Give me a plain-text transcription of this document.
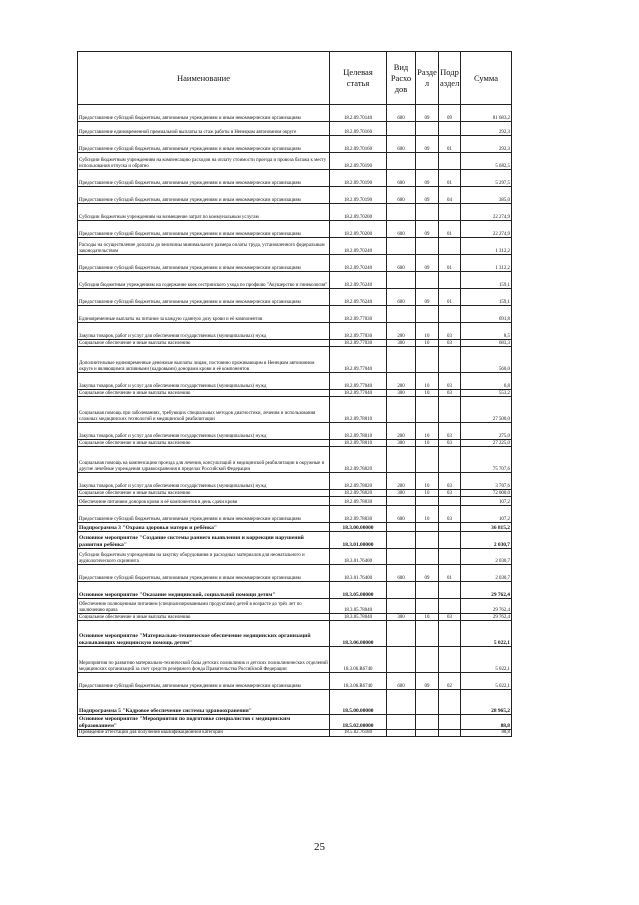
Наименование	Целевая статья	Вид Расхо дов	Разде л	Подр аздел	Сумма
Предоставление субсидий бюджетным, автономным учреждениям и иным некоммерческим организациям	18.2.09.70140	600	09	09	81 683,2
Предоставление единовременной премиальной выплаты за стаж работы в Ненецком автономном округе	18.2.09.70160				292,3
Предоставление субсидий бюджетным, автономным учреждениям и иным некоммерческим организациям	18.2.09.70160	600	09	01	292,3
Субсидии бюджетным учреждениям на компенсацию расходов на оплату стоимости проезда и провоза багажа к месту использования отпуска и обратно	18.2.09.70190				5 682,5
Предоставление субсидий бюджетным, автономным учреждениям и иным некоммерческим организациям	18.2.09.70190	600	09	01	5 297,5
Предоставление субсидий бюджетным, автономным учреждениям и иным некоммерческим организациям	18.2.09.70190	600	09	04	385,0
Субсидии бюджетным учреждениям на возмещение затрат по коммунальным услугам	18.2.09.70200				22 274,9
Предоставление субсидий бюджетным, автономным учреждениям и иным некоммерческим организациям	18.2.09.70200	600	09	01	22 274,9
Расходы на осуществление доплаты до величины минимального размера оплаты труда, установленного федеральным законодательством	18.2.09.70240				1 312,2
Предоставление субсидий бюджетным, автономным учреждениям и иным некоммерческим организациям	18.2.09.70240	600	09	01	1 312,2
Субсидия бюджетным учреждениям на содержание коек сестринского ухода по профилю "Акушерство и гинекология"	18.2.09.76240				159,1
Предоставление субсидий бюджетным, автономным учреждениям и иным некоммерческим организациям	18.2.09.76240	600	09	01	159,1
Единовременные выплаты на питание за каждую сданную дозу крови и её компонентов	18.2.09.77030				691,8
Закупка товаров, работ и услуг для обеспечения государственных (муниципальных) нужд	18.2.09.77030	200	10	03	8,5
Социальное обеспечение и иные выплаты населению	18.2.09.77030	300	10	03	683,3
Дополнительные единовременные денежные выплаты лицам, постоянно проживающим в Ненецком автономном округе и являющимся активными (кадровыми) донорами крови и её компонентов	18.2.09.77040				560,0
Закупка товаров, работ и услуг для обеспечения государственных (муниципальных) нужд	18.2.09.77040	200	10	03	6,8
Социальное обеспечение и иные выплаты населению	18.2.09.77040	300	10	03	553,2
Социальная помощь при заболеваниях, требующих специальных методов диагностики, лечения и использования сложных медицинских технологий и медицинской реабилитации	18.2.09.78010				27 500,0
Закупка товаров, работ и услуг для обеспечения государственных (муниципальных) нужд	18.2.09.78010	200	10	03	275,0
Социальное обеспечение и иные выплаты населению	18.2.09.78010	300	10	03	27 225,0
Социальная помощь на компенсацию проезда для лечения, консультаций и медицинской реабилитации в окружные и другие лечебные учреждения здравоохранения в пределах Российской Федерации	18.2.09.78020				75 707,6
Закупка товаров, работ и услуг для обеспечения государственных (муниципальных) нужд	18.2.09.78020	200	10	03	3 707,6
Социальное обеспечение и иные выплаты населению	18.2.09.78020	300	10	03	72 000,0
Обеспечение питанием доноров крови и её компонентов в день сдачи крови	18.2.09.78030				107,2
Предоставление субсидий бюджетным, автономным учреждениям и иным некоммерческим организациям	18.2.09.78030	600	10	03	107,2
Подпрограмма 3 "Охрана здоровья матери и ребёнка"	18.3.00.00000				36 815,2
Основное мероприятие "Создание системы раннего выявления и коррекции нарушений развития ребёнка"	18.3.01.00000				2 030,7
Субсидии бюджетным учреждениям на закупку оборудования и расходных материалов для неонатального и аудиологического скрининга	18.3.01.76400				2 030,7
Предоставление субсидий бюджетным, автономным учреждениям и иным некоммерческим организациям	18.3.01.76400	600	09	01	2 030,7
Основное мероприятие "Оказание медицинской, социальной помощи детям"	18.3.05.00000				29 762,4
Обеспечение полноценным питанием (специализированными продуктами) детей в возрасте до трёх лет по заключению врача	18.3.05.78040				29 762,4
Социальное обеспечение и иные выплаты населению	18.3.05.78040	300	10	03	29 762,4
Основное мероприятие "Материально-техническое обеспечение медицинских организаций оказывающих медицинскую помощь детям"	18.3.06.00000				5 022,1
Мероприятия по развитию материально-технической базы детских поликлиник и детских поликлинических отделений медицинских организаций за счет средств резервного фонда Правительства Российской Федерации	18.3.06.R6740				5 022,1
Предоставление субсидий бюджетным, автономным учреждениям и иным некоммерческим организациям	18.3.06.R6740	600	09	02	5 022,1
Подпрограмма 5 "Кадровое обеспечение системы здравоохранения"	18.5.00.00000				28 965,2
Основное мероприятие "Мероприятия по подготовке специалистов с медицинским образованием"	18.5.02.00000				88,8
Проведение аттестации для получения квалификационной категории	18.5.02.76180				88,8
25
